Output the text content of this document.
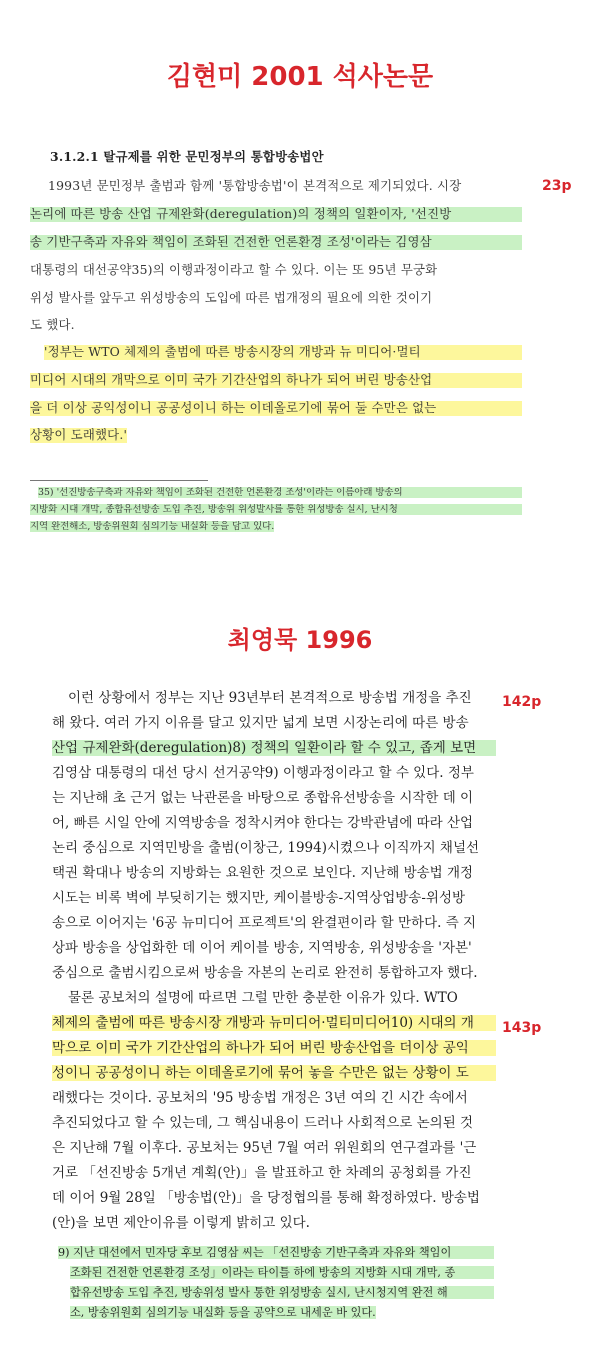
김현미 2001 석사논문
23p
3.1.2.1 탈규제를 위한 문민정부의 통합방송법안
1993년 문민정부 출범과 함께 '통합방송법'이 본격적으로 제기되었다. 시장
논리에 따른 방송 산업 규제완화(deregulation)의 정책의 일환이자, '선진방
송 기반구축과 자유와 책임이 조화된 건전한 언론환경 조성'이라는 김영삼
대통령의 대선공약35)의 이행과정이라고 할 수 있다. 이는 또 95년 무궁화
위성 발사를 앞두고 위성방송의 도입에 따른 법개정의 필요에 의한 것이기
도 했다.
'정부는 WTO 체제의 출범에 따른 방송시장의 개방과 뉴 미디어·멀티
미디어 시대의 개막으로 이미 국가 기간산업의 하나가 되어 버린 방송산업
을 더 이상 공익성이니 공공성이니 하는 이데올로기에 묶어 둘 수만은 없는
상황이 도래했다.'
35) '선진방송구축과 자유와 책임이 조화된 건전한 언론환경 조성'이라는 이름아래 방송의
지방화 시대 개막, 종합유선방송 도입 추진, 방송위 위성발사를 통한 위성방송 실시, 난시청
지역 완전해소, 방송위원회 심의기능 내실화 등을 담고 있다.
최영묵 1996
142p
143p
이런 상황에서 정부는 지난 93년부터 본격적으로 방송법 개정을 추진
해 왔다. 여러 가지 이유를 달고 있지만 넓게 보면 시장논리에 따른 방송
산업 규제완화(deregulation)8) 정책의 일환이라 할 수 있고, 좁게 보면
김영삼 대통령의 대선 당시 선거공약9) 이행과정이라고 할 수 있다. 정부
는 지난해 초 근거 없는 낙관론을 바탕으로 종합유선방송을 시작한 데 이
어, 빠른 시일 안에 지역방송을 정착시켜야 한다는 강박관념에 따라 산업
논리 중심으로 지역민방을 출범(이창근, 1994)시켰으나 이직까지 채널선
택권 확대나 방송의 지방화는 요원한 것으로 보인다. 지난해 방송법 개정
시도는 비록 벽에 부딪히기는 했지만, 케이블방송-지역상업방송-위성방
송으로 이어지는 '6공 뉴미디어 프로젝트'의 완결편이라 할 만하다. 즉 지
상파 방송을 상업화한 데 이어 케이블 방송, 지역방송, 위성방송을 '자본'
중심으로 출범시킴으로써 방송을 자본의 논리로 완전히 통합하고자 했다.
물론 공보처의 설명에 따르면 그럴 만한 충분한 이유가 있다. WTO
체제의 출범에 따른 방송시장 개방과 뉴미디어·멀티미디어10) 시대의 개
막으로 이미 국가 기간산업의 하나가 되어 버린 방송산업을 더이상 공익
성이니 공공성이니 하는 이데올로기에 묶어 놓을 수만은 없는 상황이 도
래했다는 것이다. 공보처의 '95 방송법 개정은 3년 여의 긴 시간 속에서
추진되었다고 할 수 있는데, 그 핵심내용이 드러나 사회적으로 논의된 것
은 지난해 7월 이후다. 공보처는 95년 7월 여러 위원회의 연구결과를 '근
거로 「선진방송 5개년 계획(안)」을 발표하고 한 차례의 공청회를 가진
데 이어 9월 28일 「방송법(안)」을 당정협의를 통해 확정하였다. 방송법
(안)을 보면 제안이유를 이렇게 밝히고 있다.
9) 지난 대선에서 민자당 후보 김영삼 씨는 「선진방송 기반구축과 자유와 책임이
조화된 건전한 언론환경 조성」이라는 타이틀 하에 방송의 지방화 시대 개막, 종
합유선방송 도입 추진, 방송위성 발사 통한 위성방송 실시, 난시청지역 완전 해
소, 방송위원회 심의기능 내실화 등을 공약으로 내세운 바 있다.
